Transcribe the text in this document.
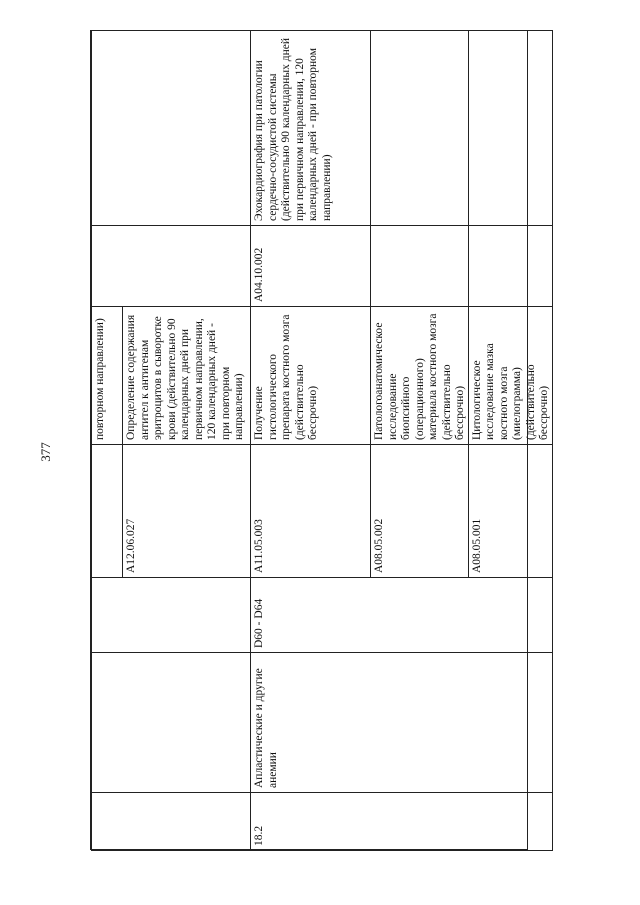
377
				повторном направлении)		
			A12.06.027	Определение содержания антител к антигенам эритроцитов в сыворотке крови (действительно 90 календарных дней при первичном направлении, 120 календарных дней - при повторном направлении)		
18.2	Апластические и другие анемии	D60 - D64	A11.05.003	Получение гистологического препарата костного мозга (действительно бессрочно)	A04.10.002	Эхокардиография при патологии сердечно-сосудистой системы (действительно 90 календарных дней при первичном направлении, 120 календарных дней - при повторном направлении)
			A08.05.002	Патологоанатомическое исследование биопсийного (операционного) материала костного мозга (действительно бессрочно)		
			A08.05.001	Цитологическое исследование мазка костного мозга (миелограмма) (действительно бессрочно)		
